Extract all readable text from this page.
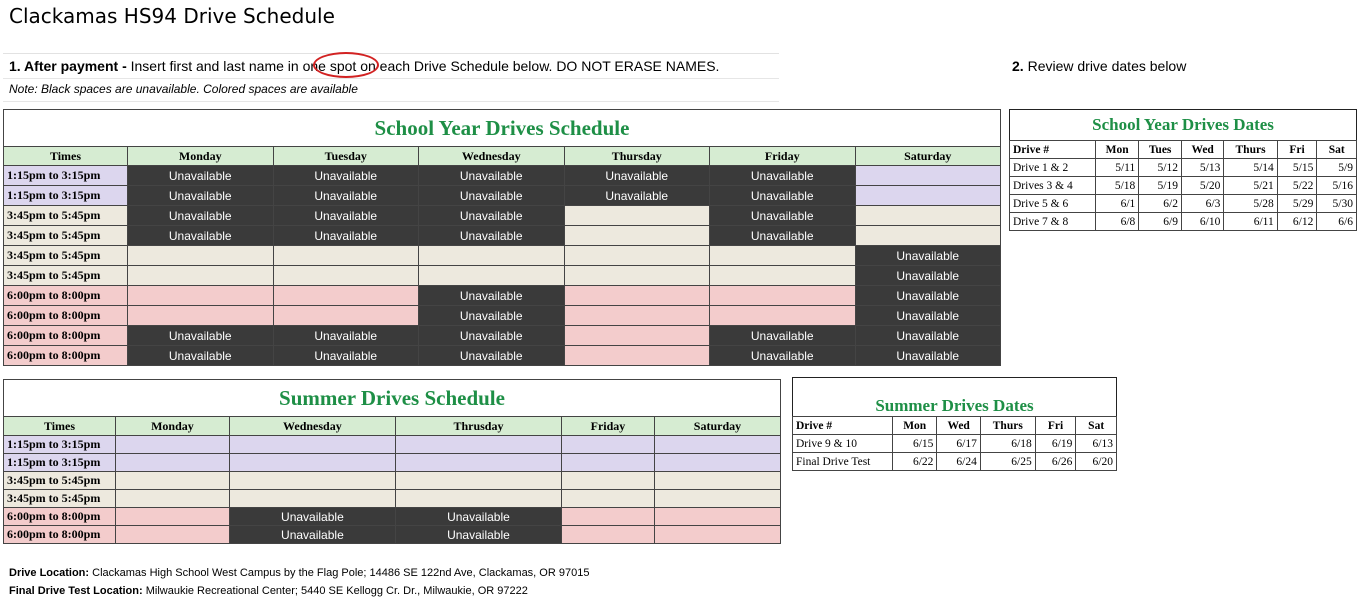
Clackamas HS94 Drive Schedule
1. After payment - Insert first and last name in one spot on each Drive Schedule below. DO NOT ERASE NAMES.
Note: Black spaces are unavailable. Colored spaces are available
2. Review drive dates below
School Year Drives Schedule						
Times	Monday	Tuesday	Wednesday	Thursday	Friday	Saturday
1:15pm to 3:15pm	Unavailable	Unavailable	Unavailable	Unavailable	Unavailable	
1:15pm to 3:15pm	Unavailable	Unavailable	Unavailable	Unavailable	Unavailable	
3:45pm to 5:45pm	Unavailable	Unavailable	Unavailable		Unavailable	
3:45pm to 5:45pm	Unavailable	Unavailable	Unavailable		Unavailable	
3:45pm to 5:45pm						Unavailable
3:45pm to 5:45pm						Unavailable
6:00pm to 8:00pm			Unavailable			Unavailable
6:00pm to 8:00pm			Unavailable			Unavailable
6:00pm to 8:00pm	Unavailable	Unavailable	Unavailable		Unavailable	Unavailable
6:00pm to 8:00pm	Unavailable	Unavailable	Unavailable		Unavailable	Unavailable
School Year Drives Dates						
Drive #	Mon	Tues	Wed	Thurs	Fri	Sat
Drive 1 & 2	5/11	5/12	5/13	5/14	5/15	5/9
Drives 3 & 4	5/18	5/19	5/20	5/21	5/22	5/16
Drive 5 & 6	6/1	6/2	6/3	5/28	5/29	5/30
Drive 7 & 8	6/8	6/9	6/10	6/11	6/12	6/6
Summer Drives Schedule					
Times	Monday	Wednesday	Thrusday	Friday	Saturday
1:15pm to 3:15pm					
1:15pm to 3:15pm					
3:45pm to 5:45pm					
3:45pm to 5:45pm					
6:00pm to 8:00pm		Unavailable	Unavailable		
6:00pm to 8:00pm		Unavailable	Unavailable		
Summer Drives Dates					
Drive #	Mon	Wed	Thurs	Fri	Sat
Drive 9 & 10	6/15	6/17	6/18	6/19	6/13
Final Drive Test	6/22	6/24	6/25	6/26	6/20
Drive Location: Clackamas High School West Campus by the Flag Pole; 14486 SE 122nd Ave, Clackamas, OR 97015
Final Drive Test Location: Milwaukie Recreational Center; 5440 SE Kellogg Cr. Dr., Milwaukie, OR 97222
